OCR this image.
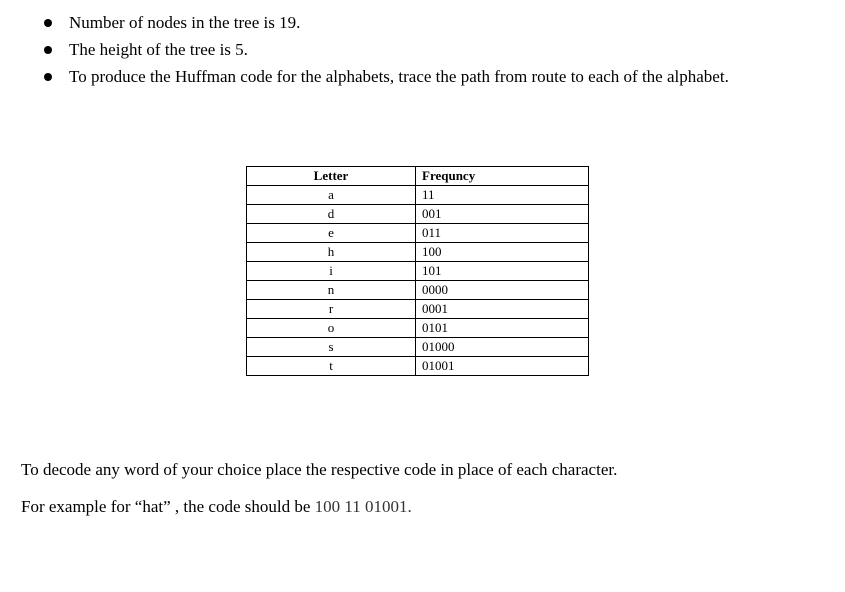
Number of nodes in the tree is 19.
The height of the tree is 5.
To produce the Huffman code for the alphabets, trace the path from route to each of the alphabet.
Letter	Frequncy
a	11
d	001
e	011
h	100
i	101
n	0000
r	0001
o	0101
s	01000
t	01001

To decode any word of your choice place the respective code in place of each character.

For example for “hat” , the code should be 100 11 01001.
